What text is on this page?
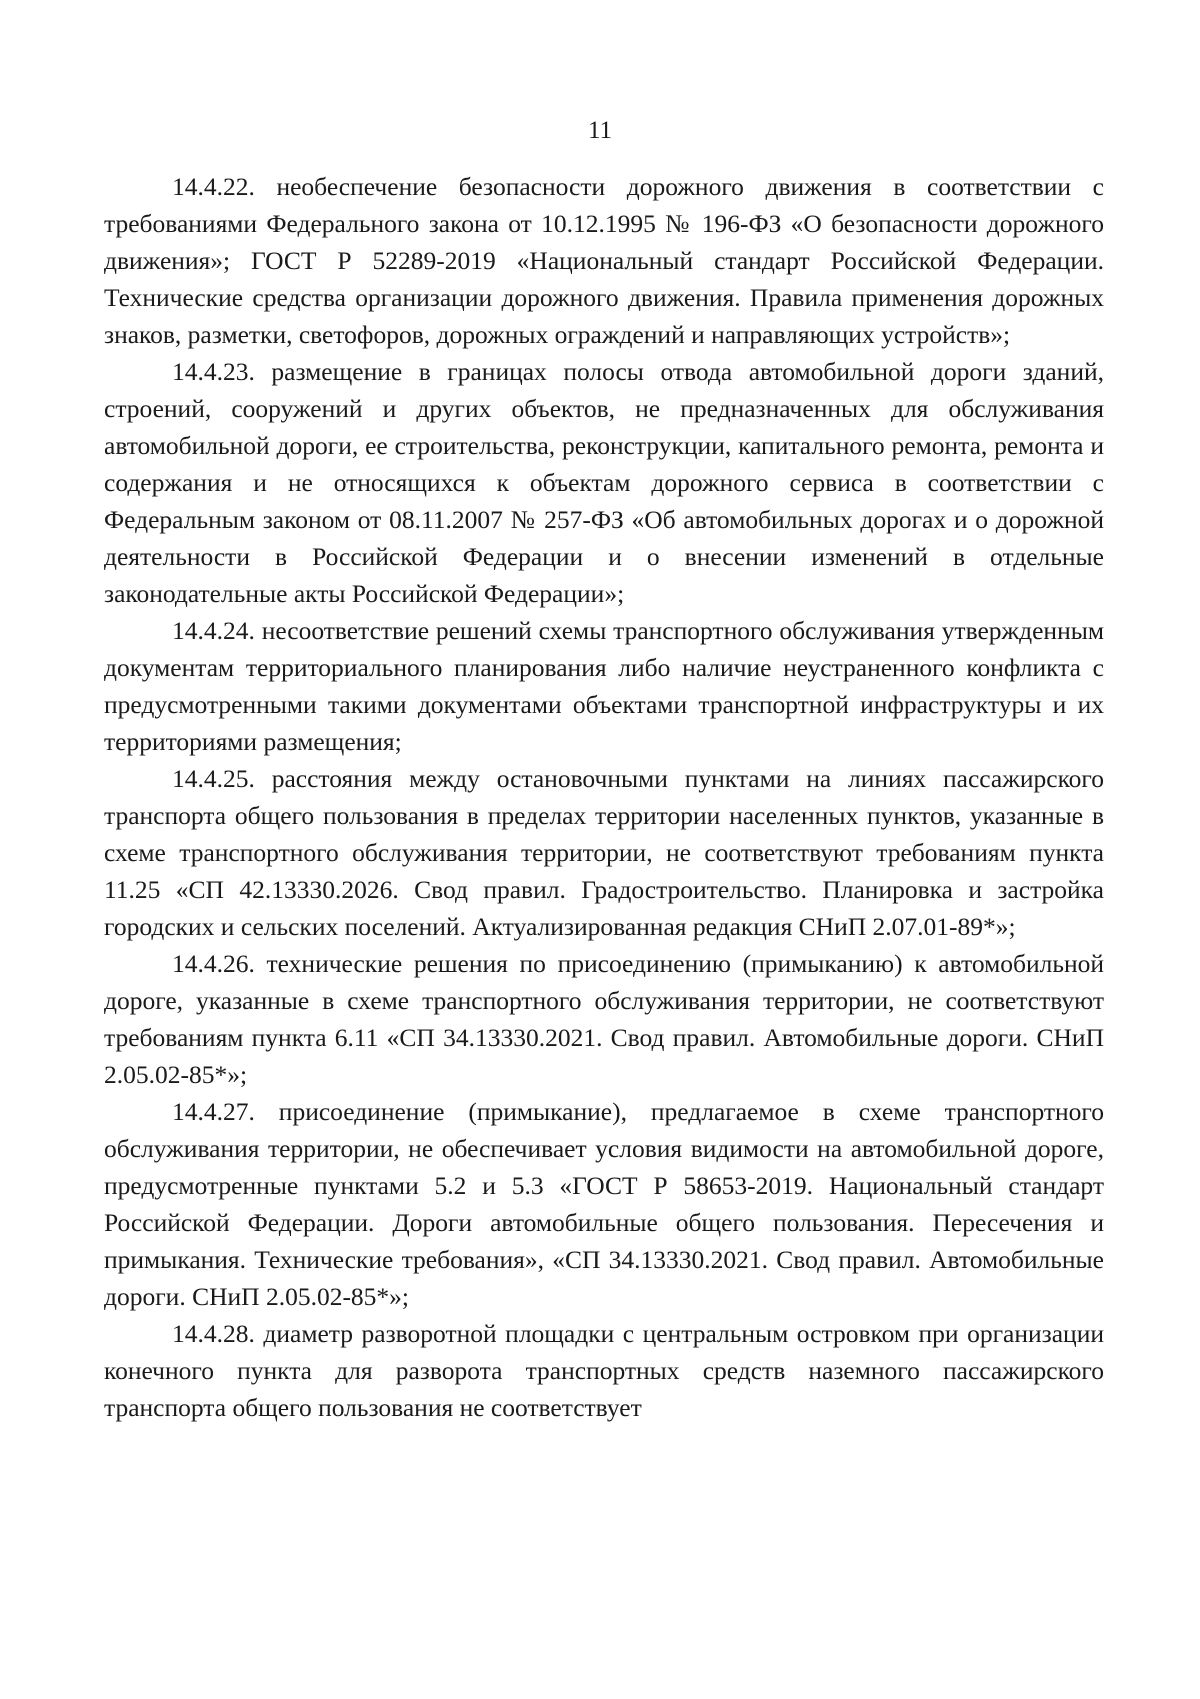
11

14.4.22. необеспечение безопасности дорожного движения в соответствии с требованиями Федерального закона от 10.12.1995 № 196-ФЗ «О безопасности дорожного движения»; ГОСТ Р 52289-2019 «Национальный стандарт Российской Федерации. Технические средства организации дорожного движения. Правила применения дорожных знаков, разметки, светофоров, дорожных ограждений и направляющих устройств»;

14.4.23. размещение в границах полосы отвода автомобильной дороги зданий, строений, сооружений и других объектов, не предназначенных для обслуживания автомобильной дороги, ее строительства, реконструкции, капитального ремонта, ремонта и содержания и не относящихся к объектам дорожного сервиса в соответствии с Федеральным законом от 08.11.2007 № 257-ФЗ «Об автомобильных дорогах и о дорожной деятельности в Российской Федерации и о внесении изменений в отдельные законодательные акты Российской Федерации»;

14.4.24. несоответствие решений схемы транспортного обслуживания утвержденным документам территориального планирования либо наличие неустраненного конфликта с предусмотренными такими документами объектами транспортной инфраструктуры и их территориями размещения;

14.4.25. расстояния между остановочными пунктами на линиях пассажирского транспорта общего пользования в пределах территории населенных пунктов, указанные в схеме транспортного обслуживания территории, не соответствуют требованиям пункта 11.25 «СП 42.13330.2026. Свод правил. Градостроительство. Планировка и застройка городских и сельских поселений. Актуализированная редакция СНиП 2.07.01-89*»;

14.4.26. технические решения по присоединению (примыканию) к автомобильной дороге, указанные в схеме транспортного обслуживания территории, не соответствуют требованиям пункта 6.11 «СП 34.13330.2021. Свод правил. Автомобильные дороги. СНиП 2.05.02-85*»;

14.4.27. присоединение (примыкание), предлагаемое в схеме транспортного обслуживания территории, не обеспечивает условия видимости на автомобильной дороге, предусмотренные пунктами 5.2 и 5.3 «ГОСТ Р 58653-2019. Национальный стандарт Российской Федерации. Дороги автомобильные общего пользования. Пересечения и примыкания. Технические требования», «СП 34.13330.2021. Свод правил. Автомобильные дороги. СНиП 2.05.02-85*»;

14.4.28. диаметр разворотной площадки с центральным островком при организации конечного пункта для разворота транспортных средств наземного пассажирского транспорта общего пользования не соответствует
